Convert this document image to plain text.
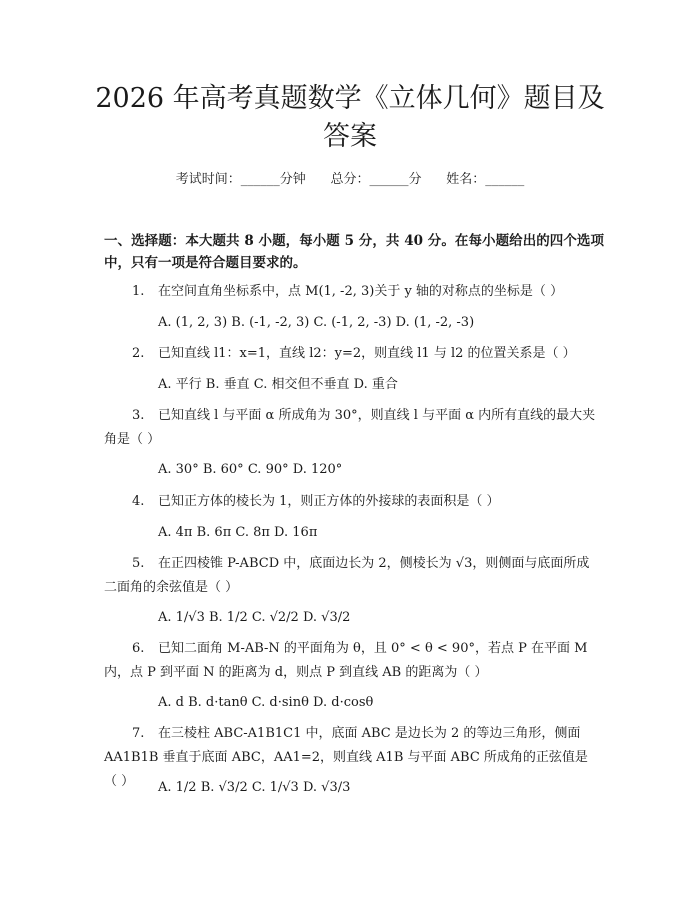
2026 年高考真题数学《立体几何》题目及答案
考试时间：______分钟      总分：______分      姓名：______
一、选择题：本大题共 8 小题，每小题 5 分，共 40 分。在每小题给出的四个选项中，只有一项是符合题目要求的。
1. 在空间直角坐标系中，点 M(1, -2, 3)关于 y 轴的对称点的坐标是（ ）
A. (1, 2, 3) B. (-1, -2, 3) C. (-1, 2, -3) D. (1, -2, -3)
2. 已知直线 l1：x=1，直线 l2：y=2，则直线 l1 与 l2 的位置关系是（ ）
A. 平行 B. 垂直 C. 相交但不垂直 D. 重合
3. 已知直线 l 与平面 α 所成角为 30°，则直线 l 与平面 α 内所有直线的最大夹角是（ ）
A. 30° B. 60° C. 90° D. 120°
4. 已知正方体的棱长为 1，则正方体的外接球的表面积是（ ）
A. 4π B. 6π C. 8π D. 16π
5. 在正四棱锥 P-ABCD 中，底面边长为 2，侧棱长为 √3，则侧面与底面所成二面角的余弦值是（ ）
A. 1/√3 B. 1/2 C. √2/2 D. √3/2
6. 已知二面角 M-AB-N 的平面角为 θ，且 0° < θ < 90°，若点 P 在平面 M 内，点 P 到平面 N 的距离为 d，则点 P 到直线 AB 的距离为（ ）
A. d B. d·tanθ C. d·sinθ D. d·cosθ
7. 在三棱柱 ABC-A1B1C1 中，底面 ABC 是边长为 2 的等边三角形，侧面 AA1B1B 垂直于底面 ABC，AA1=2，则直线 A1B 与平面 ABC 所成角的正弦值是（ ）	A. 1/2 B. √3/2 C. 1/√3 D. √3/3
